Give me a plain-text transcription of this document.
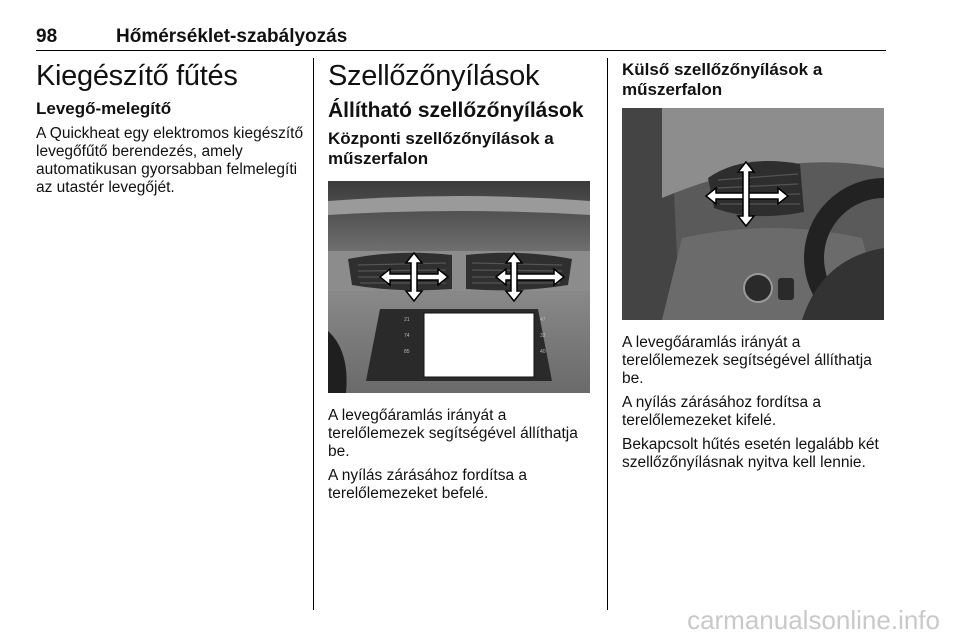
98	Hőmérséklet-szabályozás
Kiegészítő fűtés
Levegő-melegítő

A Quickheat egy elektromos kiegészítő levegőfűtő berendezés, amely automatikusan gyorsabban felmelegíti az utastér levegőjét.

Szellőzőnyílások
Állítható szellőzőnyílások
Központi szellőzőnyílások a műszerfalon
21
74
85
47
33
40

A levegőáramlás irányát a terelőlemezek segítségével állíthatja be.

A nyílás zárásához fordítsa a terelőlemezeket befelé.

Külső szellőzőnyílások a műszerfalon

A levegőáramlás irányát a terelőlemezek segítségével állíthatja be.

A nyílás zárásához fordítsa a terelőlemezeket kifelé.

Bekapcsolt hűtés esetén legalább két szellőzőnyílásnak nyitva kell lennie.

carmanualsonline.info
